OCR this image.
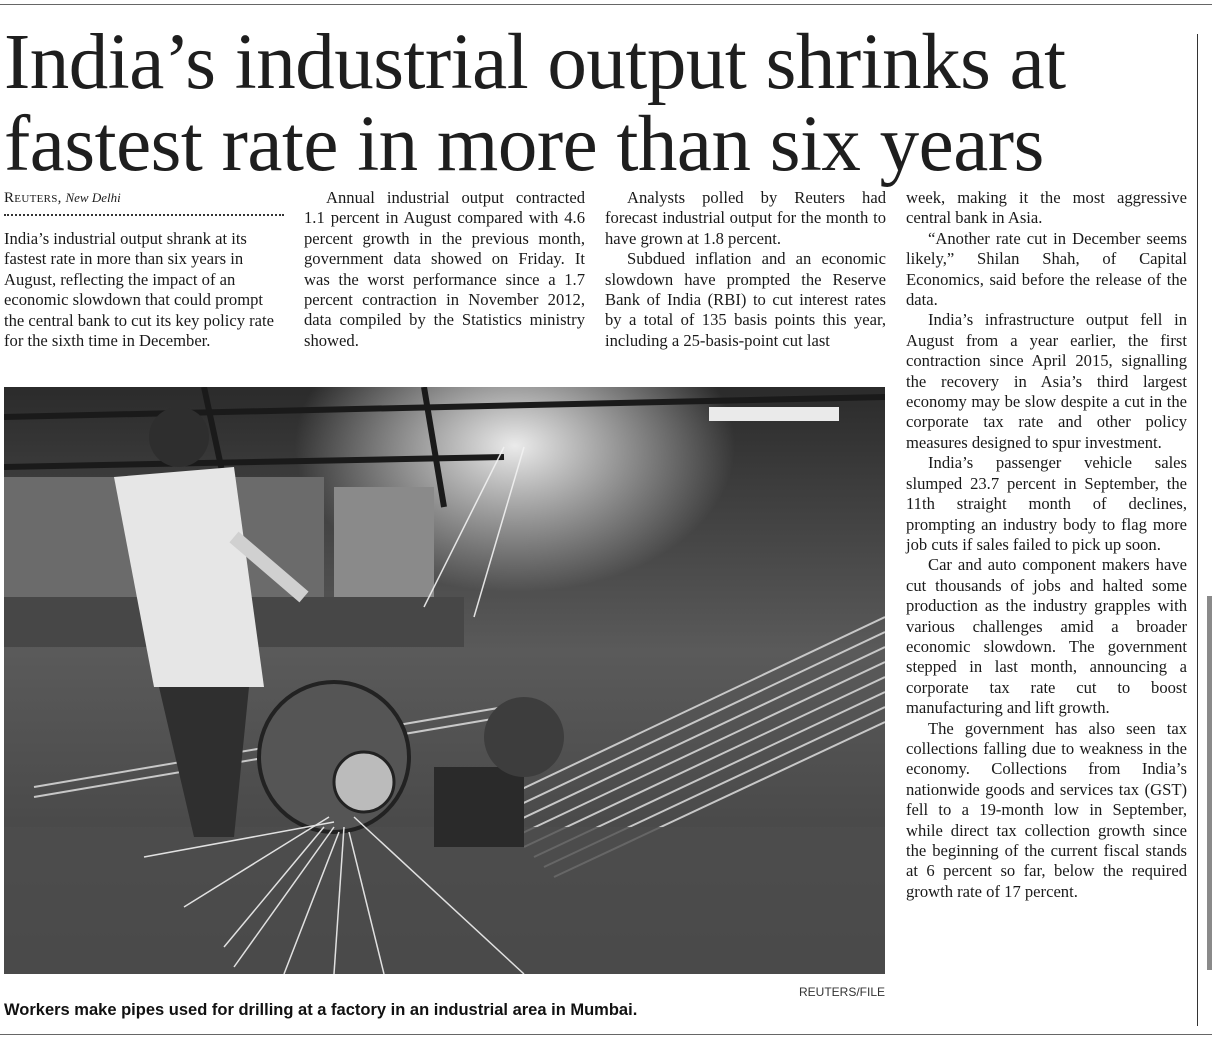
India’s industrial output shrinks at fastest rate in more than six years
Reuters, New Delhi

India’s industrial output shrank at its fastest rate in more than six years in August, reflecting the impact of an economic slowdown that could prompt the central bank to cut its key policy rate for the sixth time in December.

Annual industrial output contracted 1.1 percent in August compared with 4.6 percent growth in the previous month, government data showed on Friday. It was the worst performance since a 1.7 percent contraction in November 2012, data compiled by the Statistics ministry showed.

Analysts polled by Reuters had forecast industrial output for the month to have grown at 1.8 percent.

Subdued inflation and an economic slowdown have prompted the Reserve Bank of India (RBI) to cut interest rates by a total of 135 basis points this year, including a 25-basis-point cut last

week, making it the most aggressive central bank in Asia.

“Another rate cut in December seems likely,” Shilan Shah, of Capital Economics, said before the release of the data.

India’s infrastructure output fell in August from a year earlier, the first contraction since April 2015, signalling the recovery in Asia’s third largest economy may be slow despite a cut in the corporate tax rate and other policy measures designed to spur investment.

India’s passenger vehicle sales slumped 23.7 percent in September, the 11th straight month of declines, prompting an industry body to flag more job cuts if sales failed to pick up soon.

Car and auto component makers have cut thousands of jobs and halted some production as the industry grapples with various challenges amid a broader economic slowdown. The government stepped in last month, announcing a corporate tax rate cut to boost manufacturing and lift growth.

The government has also seen tax collections falling due to weakness in the economy. Collections from India’s nationwide goods and services tax (GST) fell to a 19-month low in September, while direct tax collection growth since the beginning of the current fiscal stands at 6 percent so far, below the required growth rate of 17 percent.

REUTERS/FILE
Workers make pipes used for drilling at a factory in an industrial area in Mumbai.
